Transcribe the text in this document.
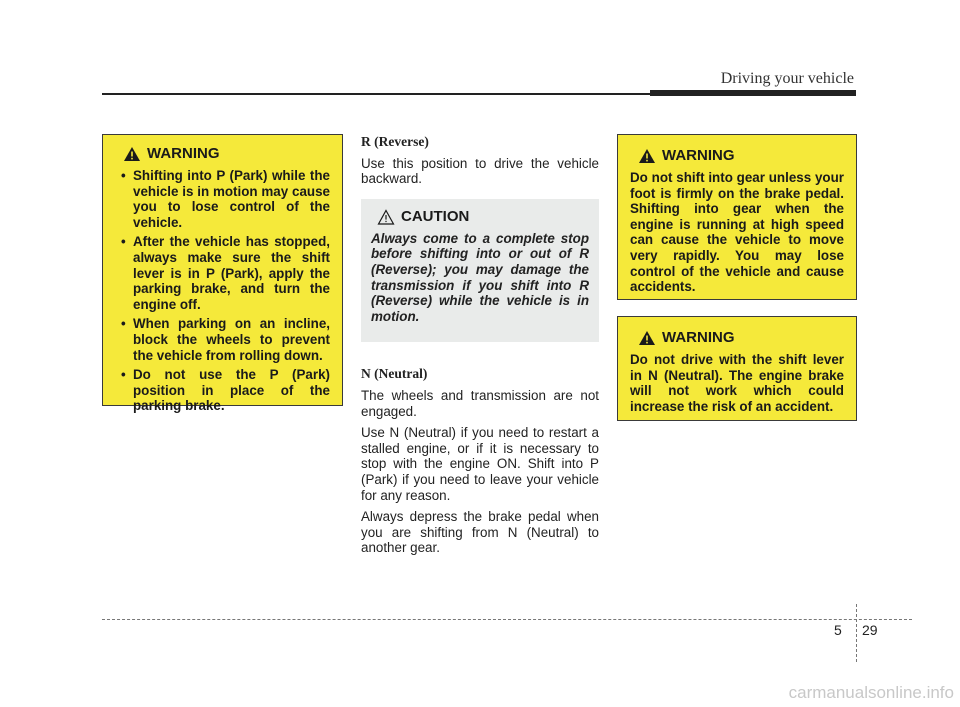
Driving your vehicle
WARNING
• Shifting into P (Park) while the vehicle is in motion may cause you to lose control of the vehicle.
• After the vehicle has stopped, always make sure the shift lever is in P (Park), apply the parking brake, and turn the engine off.
• When parking on an incline, block the wheels to prevent the vehicle from rolling down.
• Do not use the P (Park) position in place of the parking brake.
R (Reverse)

Use this position to drive the vehicle backward.

CAUTION

Always come to a complete stop before shifting into or out of R (Reverse); you may damage the transmission if you shift into R (Reverse) while the vehicle is in motion.

N (Neutral)

The wheels and transmission are not engaged.

Use N (Neutral) if you need to restart a stalled engine, or if it is necessary to stop with the engine ON. Shift into P (Park) if you need to leave your vehicle for any reason.

Always depress the brake pedal when you are shifting from N (Neutral) to another gear.

WARNING

Do not shift into gear unless your foot is firmly on the brake pedal. Shifting into gear when the engine is running at high speed can cause the vehicle to move very rapidly. You may lose control of the vehicle and cause accidents.

WARNING

Do not drive with the shift lever in N (Neutral). The engine brake will not work which could increase the risk of an accident.

5 29
carmanualsonline.info
